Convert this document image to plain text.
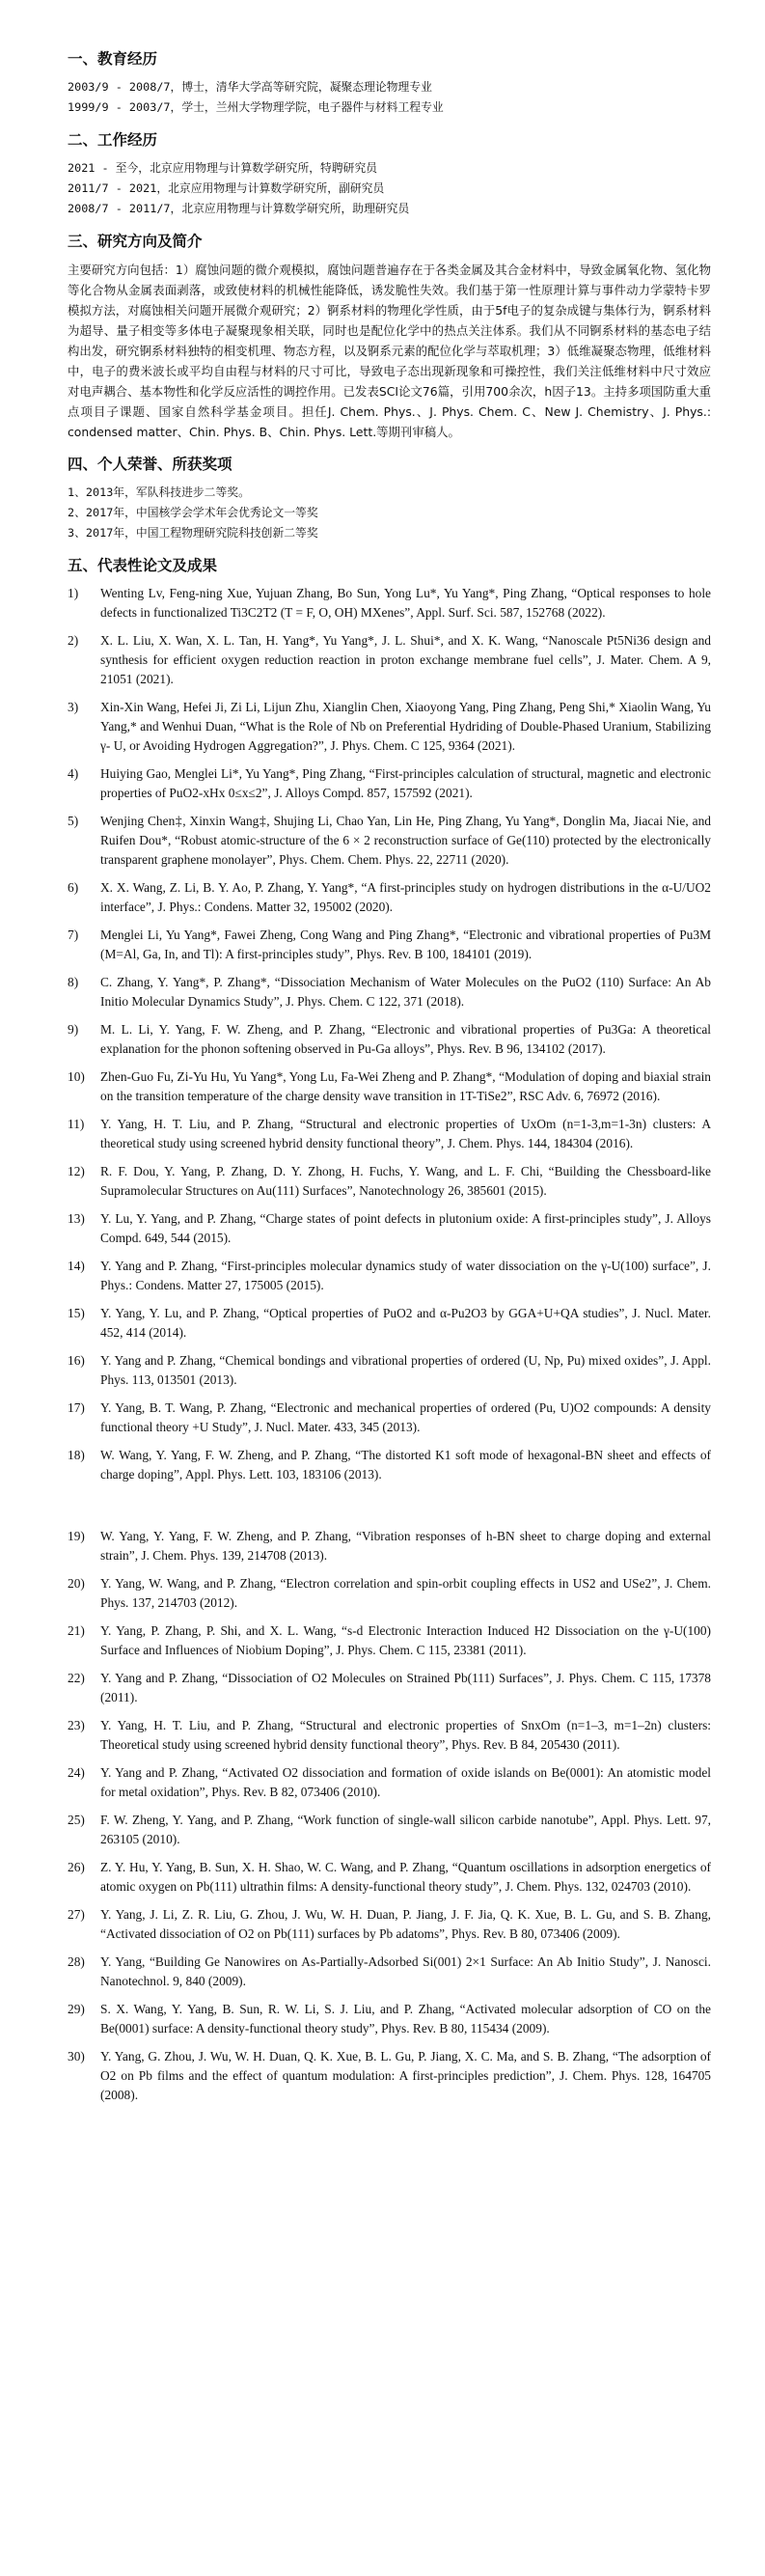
一、教育经历
2003/9 - 2008/7，博士，清华大学高等研究院，凝聚态理论物理专业
1999/9 - 2003/7，学士，兰州大学物理学院，电子器件与材料工程专业
二、工作经历
2021 - 至今，北京应用物理与计算数学研究所，特聘研究员
2011/7 - 2021，北京应用物理与计算数学研究所，副研究员
2008/7 - 2011/7，北京应用物理与计算数学研究所，助理研究员
三、研究方向及简介
主要研究方向包括：1）腐蚀问题的微介观模拟，腐蚀问题普遍存在于各类金属及其合金材料中，导致金属氧化物、氢化物等化合物从金属表面剥落，或致使材料的机械性能降低，诱发脆性失效。我们基于第一性原理计算与事件动力学蒙特卡罗模拟方法，对腐蚀相关问题开展微介观研究；2）锕系材料的物理化学性质，由于5f电子的复杂成键与集体行为，锕系材料为超导、量子相变等多体电子凝聚现象相关联，同时也是配位化学中的热点关注体系。我们从不同锕系材料的基态电子结构出发，研究锕系材料独特的相变机理、物态方程，以及锕系元素的配位化学与萃取机理；3）低维凝聚态物理，低维材料中，电子的费米波长或平均自由程与材料的尺寸可比，导致电子态出现新现象和可操控性，我们关注低维材料中尺寸效应对电声耦合、基本物性和化学反应活性的调控作用。已发表SCI论文76篇，引用700余次，h因子13。主持多项国防重大重点项目子课题、国家自然科学基金项目。担任J. Chem. Phys.、J. Phys. Chem. C、New J. Chemistry、J. Phys.: condensed matter、Chin. Phys. B、Chin. Phys. Lett.等期刊审稿人。
四、个人荣誉、所获奖项
1、2013年，军队科技进步二等奖。
2、2017年，中国核学会学术年会优秀论文一等奖
3、2017年，中国工程物理研究院科技创新二等奖
五、代表性论文及成果
1)	Wenting Lv, Feng-ning Xue, Yujuan Zhang, Bo Sun, Yong Lu*, Yu Yang*, Ping Zhang, “Optical responses to hole defects in functionalized Ti3C2T2 (T = F, O, OH) MXenes”, Appl. Surf. Sci. 587, 152768 (2022).
2)	X. L. Liu, X. Wan, X. L. Tan, H. Yang*, Yu Yang*, J. L. Shui*, and X. K. Wang, “Nanoscale Pt5Ni36 design and synthesis for efficient oxygen reduction reaction in proton exchange membrane fuel cells”, J. Mater. Chem. A 9, 21051 (2021).
3)	Xin-Xin Wang, Hefei Ji, Zi Li, Lijun Zhu, Xianglin Chen, Xiaoyong Yang, Ping Zhang, Peng Shi,* Xiaolin Wang, Yu Yang,* and Wenhui Duan, “What is the Role of Nb on Preferential Hydriding of Double-Phased Uranium, Stabilizing γ- U, or Avoiding Hydrogen Aggregation?”, J. Phys. Chem. C 125, 9364 (2021).
4)	Huiying Gao, Menglei Li*, Yu Yang*, Ping Zhang, “First-principles calculation of structural, magnetic and electronic properties of PuO2-xHx 0≤x≤2”, J. Alloys Compd. 857, 157592 (2021).
5)	Wenjing Chen‡, Xinxin Wang‡, Shujing Li, Chao Yan, Lin He, Ping Zhang, Yu Yang*, Donglin Ma, Jiacai Nie, and Ruifen Dou*, “Robust atomic-structure of the 6 × 2 reconstruction surface of Ge(110) protected by the electronically transparent graphene monolayer”, Phys. Chem. Chem. Phys. 22, 22711 (2020).
6)	X. X. Wang, Z. Li, B. Y. Ao, P. Zhang, Y. Yang*, “A first-principles study on hydrogen distributions in the α-U/UO2 interface”, J. Phys.: Condens. Matter 32, 195002 (2020).
7)	Menglei Li, Yu Yang*, Fawei Zheng, Cong Wang and Ping Zhang*, “Electronic and vibrational properties of Pu3M (M=Al, Ga, In, and Tl): A first-principles study”, Phys. Rev. B 100, 184101 (2019).
8)	C. Zhang, Y. Yang*, P. Zhang*, “Dissociation Mechanism of Water Molecules on the PuO2 (110) Surface: An Ab Initio Molecular Dynamics Study”, J. Phys. Chem. C 122, 371 (2018).
9)	M. L. Li, Y. Yang, F. W. Zheng, and P. Zhang, “Electronic and vibrational properties of Pu3Ga: A theoretical explanation for the phonon softening observed in Pu-Ga alloys”, Phys. Rev. B 96, 134102 (2017).
10)	Zhen-Guo Fu, Zi-Yu Hu, Yu Yang*, Yong Lu, Fa-Wei Zheng and P. Zhang*, “Modulation of doping and biaxial strain on the transition temperature of the charge density wave transition in 1T-TiSe2”, RSC Adv. 6, 76972 (2016).
11)	Y. Yang, H. T. Liu, and P. Zhang, “Structural and electronic properties of UxOm (n=1-3,m=1-3n) clusters: A theoretical study using screened hybrid density functional theory”, J. Chem. Phys. 144, 184304 (2016).
12)	R. F. Dou, Y. Yang, P. Zhang, D. Y. Zhong, H. Fuchs, Y. Wang, and L. F. Chi, “Building the Chessboard-like Supramolecular Structures on Au(111) Surfaces”, Nanotechnology 26, 385601 (2015).
13)	Y. Lu, Y. Yang, and P. Zhang, “Charge states of point defects in plutonium oxide: A first-principles study”, J. Alloys Compd. 649, 544 (2015).
14)	Y. Yang and P. Zhang, “First-principles molecular dynamics study of water dissociation on the γ-U(100) surface”, J. Phys.: Condens. Matter 27, 175005 (2015).
15)	Y. Yang, Y. Lu, and P. Zhang, “Optical properties of PuO2 and α-Pu2O3 by GGA+U+QA studies”, J. Nucl. Mater. 452, 414 (2014).
16)	Y. Yang and P. Zhang, “Chemical bondings and vibrational properties of ordered (U, Np, Pu) mixed oxides”, J. Appl. Phys. 113, 013501 (2013).
17)	Y. Yang, B. T. Wang, P. Zhang, “Electronic and mechanical properties of ordered (Pu, U)O2 compounds: A density functional theory +U Study”, J. Nucl. Mater. 433, 345 (2013).
18)	W. Wang, Y. Yang, F. W. Zheng, and P. Zhang, “The distorted K1 soft mode of hexagonal-BN sheet and effects of charge doping”, Appl. Phys. Lett. 103, 183106 (2013).
19)	W. Yang, Y. Yang, F. W. Zheng, and P. Zhang, “Vibration responses of h-BN sheet to charge doping and external strain”, J. Chem. Phys. 139, 214708 (2013).
20)	Y. Yang, W. Wang, and P. Zhang, “Electron correlation and spin-orbit coupling effects in US2 and USe2”, J. Chem. Phys. 137, 214703 (2012).
21)	Y. Yang, P. Zhang, P. Shi, and X. L. Wang, “s-d Electronic Interaction Induced H2 Dissociation on the γ-U(100) Surface and Influences of Niobium Doping”, J. Phys. Chem. C 115, 23381 (2011).
22)	Y. Yang and P. Zhang, “Dissociation of O2 Molecules on Strained Pb(111) Surfaces”, J. Phys. Chem. C 115, 17378 (2011).
23)	Y. Yang, H. T. Liu, and P. Zhang, “Structural and electronic properties of SnxOm (n=1–3, m=1–2n) clusters: Theoretical study using screened hybrid density functional theory”, Phys. Rev. B 84, 205430 (2011).
24)	Y. Yang and P. Zhang, “Activated O2 dissociation and formation of oxide islands on Be(0001): An atomistic model for metal oxidation”, Phys. Rev. B 82, 073406 (2010).
25)	F. W. Zheng, Y. Yang, and P. Zhang, “Work function of single-wall silicon carbide nanotube”, Appl. Phys. Lett. 97, 263105 (2010).
26)	Z. Y. Hu, Y. Yang, B. Sun, X. H. Shao, W. C. Wang, and P. Zhang, “Quantum oscillations in adsorption energetics of atomic oxygen on Pb(111) ultrathin films: A density-functional theory study”, J. Chem. Phys. 132, 024703 (2010).
27)	Y. Yang, J. Li, Z. R. Liu, G. Zhou, J. Wu, W. H. Duan, P. Jiang, J. F. Jia, Q. K. Xue, B. L. Gu, and S. B. Zhang, “Activated dissociation of O2 on Pb(111) surfaces by Pb adatoms”, Phys. Rev. B 80, 073406 (2009).
28)	Y. Yang, “Building Ge Nanowires on As-Partially-Adsorbed Si(001) 2×1 Surface: An Ab Initio Study”, J. Nanosci. Nanotechnol. 9, 840 (2009).
29)	S. X. Wang, Y. Yang, B. Sun, R. W. Li, S. J. Liu, and P. Zhang, “Activated molecular adsorption of CO on the Be(0001) surface: A density-functional theory study”, Phys. Rev. B 80, 115434 (2009).
30)	Y. Yang, G. Zhou, J. Wu, W. H. Duan, Q. K. Xue, B. L. Gu, P. Jiang, X. C. Ma, and S. B. Zhang, “The adsorption of O2 on Pb films and the effect of quantum modulation: A first-principles prediction”, J. Chem. Phys. 128, 164705 (2008).
